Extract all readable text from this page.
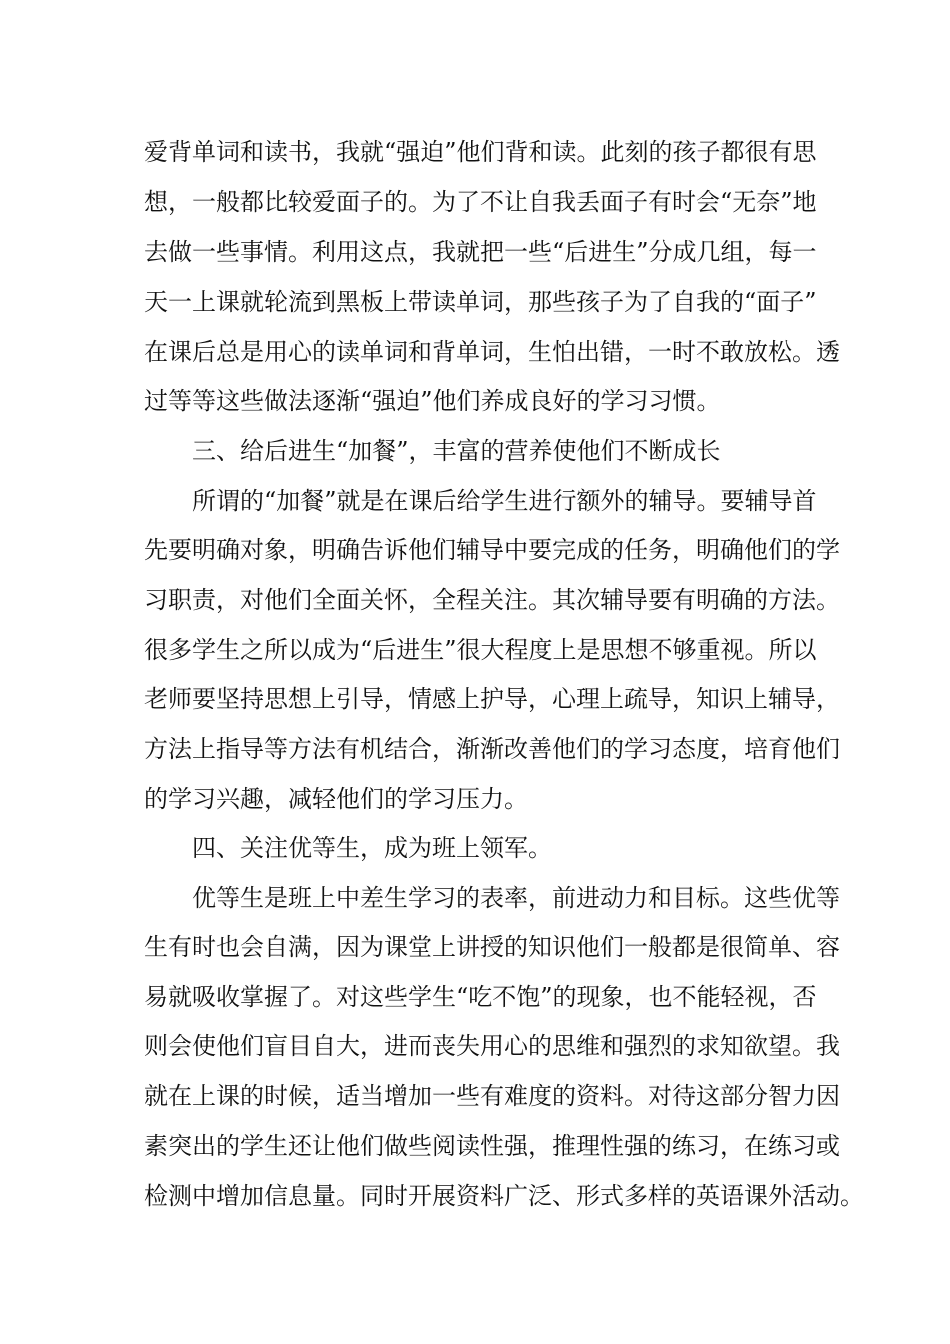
爱背单词和读书，我就“强迫”他们背和读。此刻的孩子都很有思
想，一般都比较爱面子的。为了不让自我丢面子有时会“无奈”地
去做一些事情。利用这点，我就把一些“后进生”分成几组，每一
天一上课就轮流到黑板上带读单词，那些孩子为了自我的“面子”
在课后总是用心的读单词和背单词，生怕出错，一时不敢放松。透
过等等这些做法逐渐“强迫”他们养成良好的学习习惯。
三、给后进生“加餐”，丰富的营养使他们不断成长
所谓的“加餐”就是在课后给学生进行额外的辅导。要辅导首
先要明确对象，明确告诉他们辅导中要完成的任务，明确他们的学
习职责，对他们全面关怀，全程关注。其次辅导要有明确的方法。
很多学生之所以成为“后进生”很大程度上是思想不够重视。所以
老师要坚持思想上引导，情感上护导，心理上疏导，知识上辅导，
方法上指导等方法有机结合，渐渐改善他们的学习态度，培育他们
的学习兴趣，减轻他们的学习压力。
四、关注优等生，成为班上领军。
优等生是班上中差生学习的表率，前进动力和目标。这些优等
生有时也会自满，因为课堂上讲授的知识他们一般都是很简单、容
易就吸收掌握了。对这些学生“吃不饱”的现象，也不能轻视，否
则会使他们盲目自大，进而丧失用心的思维和强烈的求知欲望。我
就在上课的时候，适当增加一些有难度的资料。对待这部分智力因
素突出的学生还让他们做些阅读性强，推理性强的练习，在练习或
检测中增加信息量。同时开展资料广泛、形式多样的英语课外活动。
